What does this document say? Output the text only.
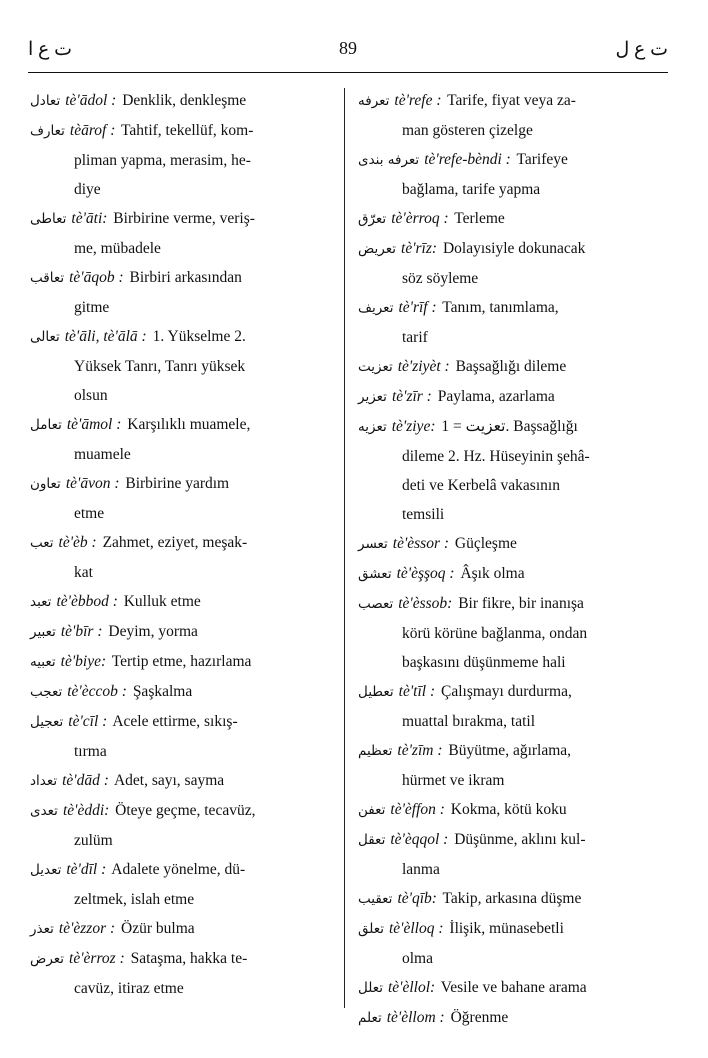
ت ع ا	89	ت ع ل
تعادل tè'ādol : Denklik, denkleşme
تعارف tèārof : Tahtif, tekellüf, kom-
pliman yapma, merasim, he-
diye
تعاطی tè'āti: Birbirine verme, veriş-
me, mübadele
تعاقب tè'āqob : Birbiri arkasından
gitme
تعالی tè'āli, tè'ālā : 1. Yükselme 2.
Yüksek Tanrı, Tanrı yüksek
olsun
تعامل tè'āmol : Karşılıklı muamele,
muamele
تعاون tè'āvon : Birbirine yardım
etme
تعب tè'èb : Zahmet, eziyet, meşak-
kat
تعبد tè'èbbod : Kulluk etme
تعبیر tè'bīr : Deyim, yorma
تعبیه tè'biye: Tertip etme, hazırlama
تعجب tè'èccob : Şaşkalma
تعجیل tè'cīl : Acele ettirme, sıkış-
tırma
تعداد tè'dād : Adet, sayı, sayma
تعدی tè'èddi: Öteye geçme, tecavüz,
zulüm
تعدیل tè'dīl : Adalete yönelme, dü-
zeltmek, islah etme
تعذر tè'èzzor : Özür bulma
تعرض tè'èrroz : Sataşma, hakka te-
cavüz, itiraz etme
تعرفه tè'refe : Tarife, fiyat veya za-
man gösteren çizelge
تعرفه بندی tè'refe-bèndi : Tarifeye
bağlama, tarife yapma
تعرّق tè'èrroq : Terleme
تعریض tè'rīz: Dolayısiyle dokunacak
söz söyleme
تعریف tè'rīf : Tanım, tanımlama,
tarif
تعزیت tè'ziyèt : Başsağlığı dileme
تعزیر tè'zīr : Paylama, azarlama
تعزیه tè'ziye: تعزیت = 1. Başsağlığı
dileme 2. Hz. Hüseyinin şehâ-
deti ve Kerbelâ vakasının
temsili
تعسر tè'èssor : Güçleşme
تعشق tè'èşşoq : Âşık olma
تعصب tè'èssob: Bir fikre, bir inanışa
körü körüne bağlanma, ondan
başkasını düşünmeme hali
تعطیل tè'tīl : Çalışmayı durdurma,
muattal bırakma, tatil
تعظیم tè'zīm : Büyütme, ağırlama,
hürmet ve ikram
تعفن tè'èffon : Kokma, kötü koku
تعقل tè'èqqol : Düşünme, aklını kul-
lanma
تعقیب tè'qīb: Takip, arkasına düşme
تعلق tè'èlloq : İlişik, münasebetli
olma
تعلل tè'èllol: Vesile ve bahane arama
تعلم tè'èllom : Öğrenme
